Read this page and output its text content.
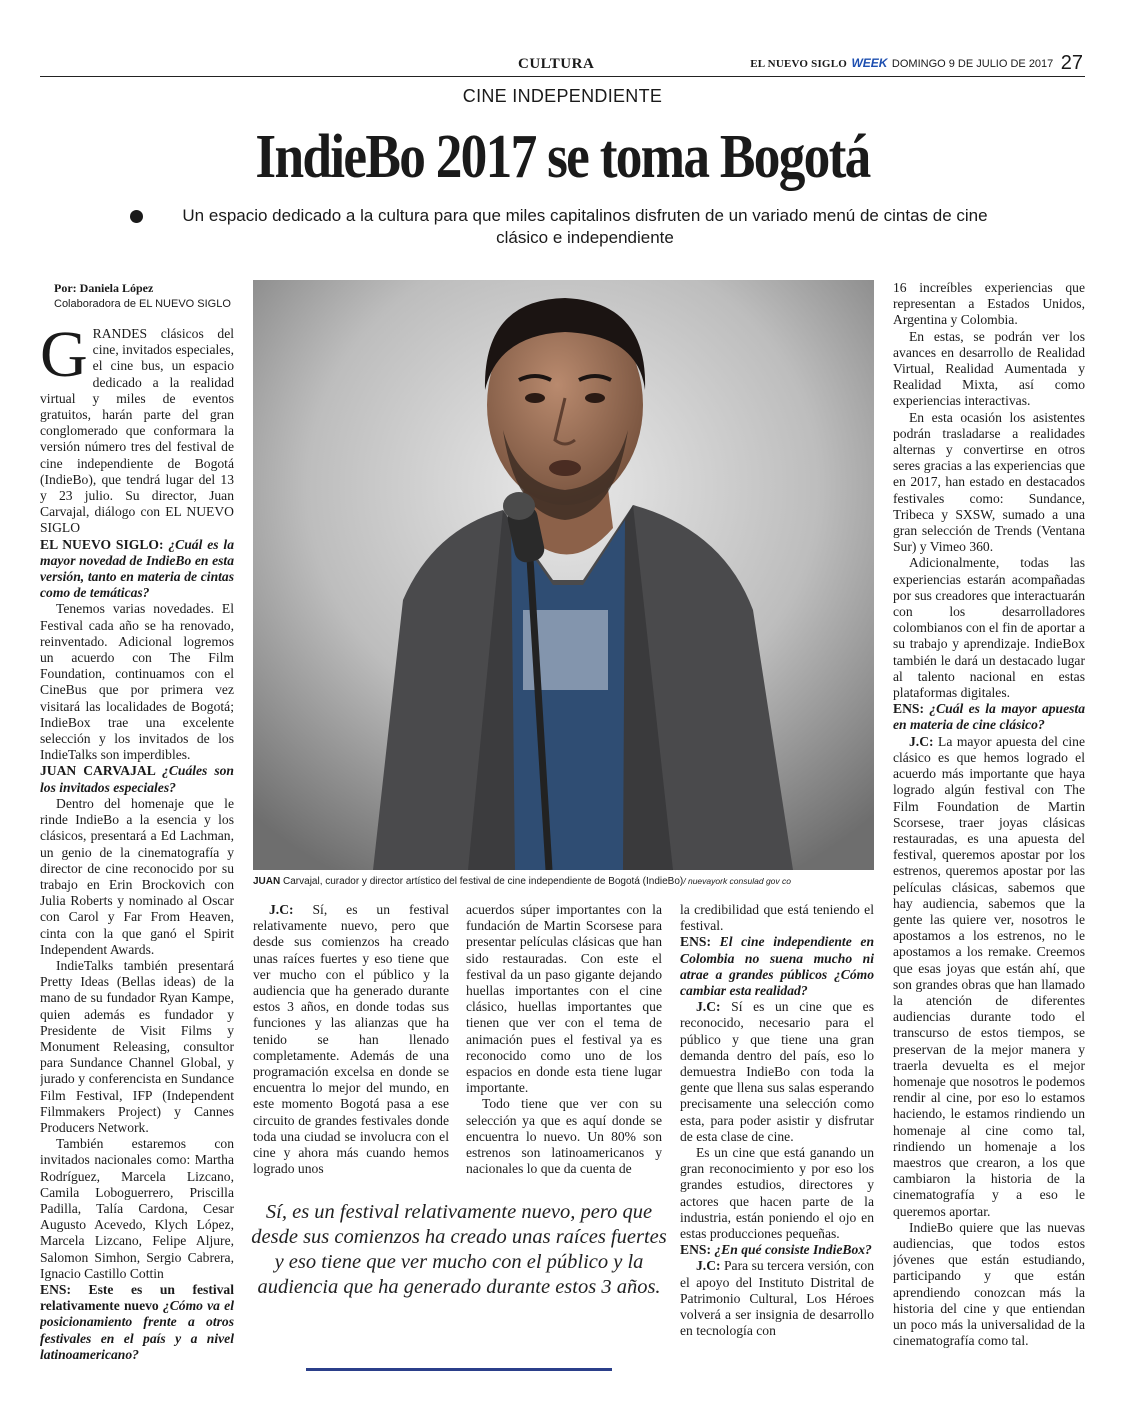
CULTURA	EL NUEVO SIGLO WEEK DOMINGO 9 DE JULIO DE 2017 27
CINE INDEPENDIENTE
IndieBo 2017 se toma Bogotá
Un espacio dedicado a la cultura para que miles capitalinos disfruten de un variado menú de cintas de cine clásico e independiente
Por: Daniela López
Colaboradora de EL NUEVO SIGLO

GRANDES clásicos del cine, invitados especiales, el cine bus, un espacio dedicado a la realidad virtual y miles de eventos gratuitos, harán parte del gran conglomerado que conformara la versión número tres del festival de cine independiente de Bogotá (IndieBo), que tendrá lugar del 13 y 23 julio. Su director, Juan Carvajal, diálogo con EL NUEVO SIGLO

EL NUEVO SIGLO: ¿Cuál es la mayor novedad de IndieBo en esta versión, tanto en materia de cintas como de temáticas?

Tenemos varias novedades. El Festival cada año se ha renovado, reinventado. Adicional logremos un acuerdo con The Film Foundation, continuamos con el CineBus que por primera vez visitará las localidades de Bogotá; IndieBox trae una excelente selección y los invitados de los IndieTalks son imperdibles.

JUAN CARVAJAL ¿Cuáles son los invitados especiales?

Dentro del homenaje que le rinde IndieBo a la esencia y los clásicos, presentará a Ed Lachman, un genio de la cinematografía y director de cine reconocido por su trabajo en Erin Brockovich con Julia Roberts y nominado al Oscar con Carol y Far From Heaven, cinta con la que ganó el Spirit Independent Awards.

IndieTalks también presentará Pretty Ideas (Bellas ideas) de la mano de su fundador Ryan Kampe, quien además es fundador y Presidente de Visit Films y Monument Releasing, consultor para Sundance Channel Global, y jurado y conferencista en Sundance Film Festival, IFP (Independent Filmmakers Project) y Cannes Producers Network.

También estaremos con invitados nacionales como: Martha Rodríguez, Marcela Lizcano, Camila Loboguerrero, Priscilla Padilla, Talía Cardona, Cesar Augusto Acevedo, Klych López, Marcela Lizcano, Felipe Aljure, Salomon Simhon, Sergio Cabrera, Ignacio Castillo Cottin

ENS: Este es un festival relativamente nuevo ¿Cómo va el posicionamiento frente a otros festivales en el país y a nivel latinoamericano?

JUAN Carvajal, curador y director artístico del festival de cine independiente de Bogotá (IndieBo)/ nuevayork consulad gov co

J.C: Sí, es un festival relativamente nuevo, pero que desde sus comienzos ha creado unas raíces fuertes y eso tiene que ver mucho con el público y la audiencia que ha generado durante estos 3 años, en donde todas sus funciones y las alianzas que ha tenido se han llenado completamente. Además de una programación excelsa en donde se encuentra lo mejor del mundo, en este momento Bogotá pasa a ese circuito de grandes festivales donde toda una ciudad se involucra con el cine y ahora más cuando hemos logrado unos

acuerdos súper importantes con la fundación de Martin Scorsese para presentar películas clásicas que han sido restauradas. Con este el festival da un paso gigante dejando huellas importantes con el cine clásico, huellas importantes que tienen que ver con el tema de animación pues el festival ya es reconocido como uno de los espacios en donde esta tiene lugar importante.

Todo tiene que ver con su selección ya que es aquí donde se encuentra lo nuevo. Un 80% son estrenos son latinoamericanos y nacionales lo que da cuenta de

Sí, es un festival relativamente nuevo, pero que desde sus comienzos ha creado unas raíces fuertes y eso tiene que ver mucho con el público y la audiencia que ha generado durante estos 3 años.

la credibilidad que está teniendo el festival.

ENS: El cine independiente en Colombia no suena mucho ni atrae a grandes públicos ¿Cómo cambiar esta realidad?

J.C: Sí es un cine que es reconocido, necesario para el público y que tiene una gran demanda dentro del país, eso lo demuestra IndieBo con toda la gente que llena sus salas esperando precisamente una selección como esta, para poder asistir y disfrutar de esta clase de cine.

Es un cine que está ganando un gran reconocimiento y por eso los grandes estudios, directores y actores que hacen parte de la industria, están poniendo el ojo en estas producciones pequeñas.

ENS: ¿En qué consiste IndieBox?

J.C: Para su tercera versión, con el apoyo del Instituto Distrital de Patrimonio Cultural, Los Héroes volverá a ser insignia de desarrollo en tecnología con

16 increíbles experiencias que representan a Estados Unidos, Argentina y Colombia.

En estas, se podrán ver los avances en desarrollo de Realidad Virtual, Realidad Aumentada y Realidad Mixta, así como experiencias interactivas.

En esta ocasión los asistentes podrán trasladarse a realidades alternas y convertirse en otros seres gracias a las experiencias que en 2017, han estado en destacados festivales como: Sundance, Tribeca y SXSW, sumado a una gran selección de Trends (Ventana Sur) y Vimeo 360.

Adicionalmente, todas las experiencias estarán acompañadas por sus creadores que interactuarán con los desarrolladores colombianos con el fin de aportar a su trabajo y aprendizaje. IndieBox también le dará un destacado lugar al talento nacional en estas plataformas digitales.

ENS: ¿Cuál es la mayor apuesta en materia de cine clásico?

J.C: La mayor apuesta del cine clásico es que hemos logrado el acuerdo más importante que haya logrado algún festival con The Film Foundation de Martin Scorsese, traer joyas clásicas restauradas, es una apuesta del festival, queremos apostar por los estrenos, queremos apostar por las películas clásicas, sabemos que hay audiencia, sabemos que la gente las quiere ver, nosotros le apostamos a los estrenos, no le apostamos a los remake. Creemos que esas joyas que están ahí, que son grandes obras que han llamado la atención de diferentes audiencias durante todo el transcurso de estos tiempos, se preservan de la mejor manera y traerla devuelta es el mejor homenaje que nosotros le podemos rendir al cine, por eso lo estamos haciendo, le estamos rindiendo un homenaje al cine como tal, rindiendo un homenaje a los maestros que crearon, a los que cambiaron la historia de la cinematografía y a eso le queremos aportar.

IndieBo quiere que las nuevas audiencias, que todos estos jóvenes que están estudiando, participando y que están aprendiendo conozcan más la historia del cine y que entiendan un poco más la universalidad de la cinematografía como tal.
